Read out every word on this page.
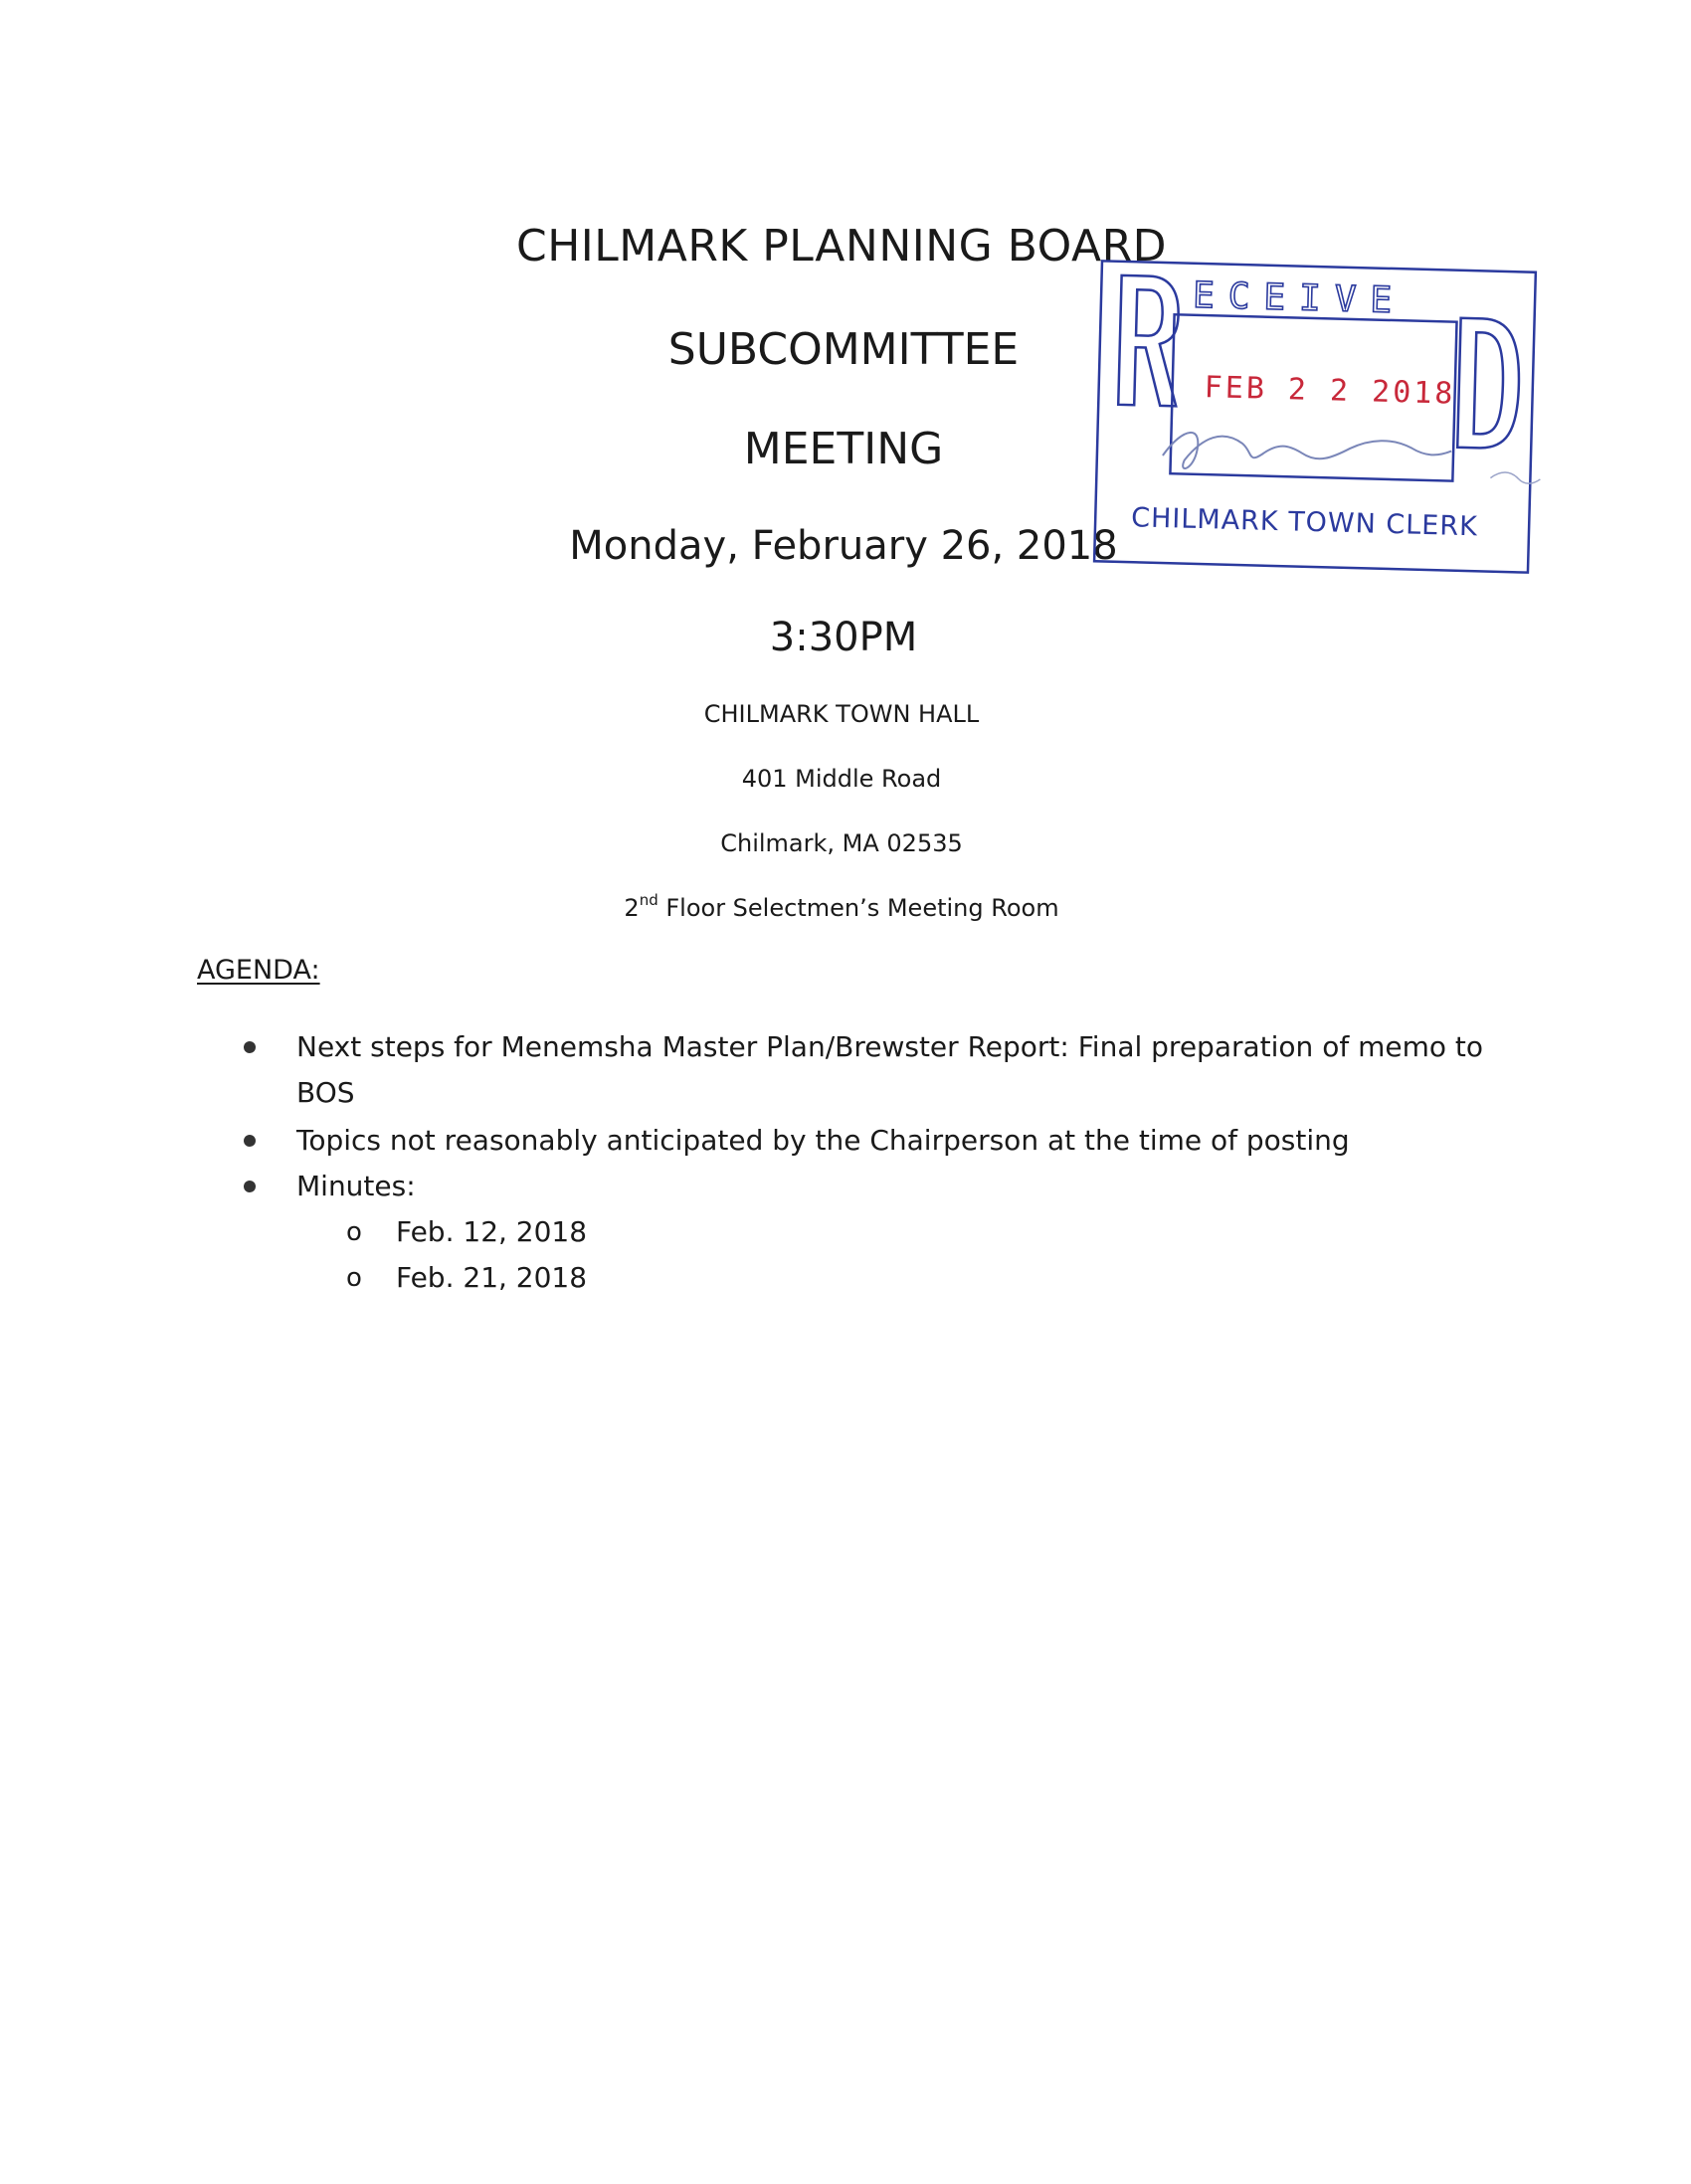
CHILMARK PLANNING BOARD
SUBCOMMITTEE
MEETING
Monday, February 26, 2018
3:30PM
CHILMARK TOWN HALL
401 Middle Road
Chilmark, MA 02535
2nd Floor Selectmen’s Meeting Room
AGENDA:
Next steps for Menemsha Master Plan/Brewster Report: Final preparation of memo to BOS
Topics not reasonably anticipated by the Chairperson at the time of posting
Minutes:
o Feb. 12, 2018
o Feb. 21, 2018
ECEIVE
FEB 2 2 2018
CHILMARK TOWN CLERK
